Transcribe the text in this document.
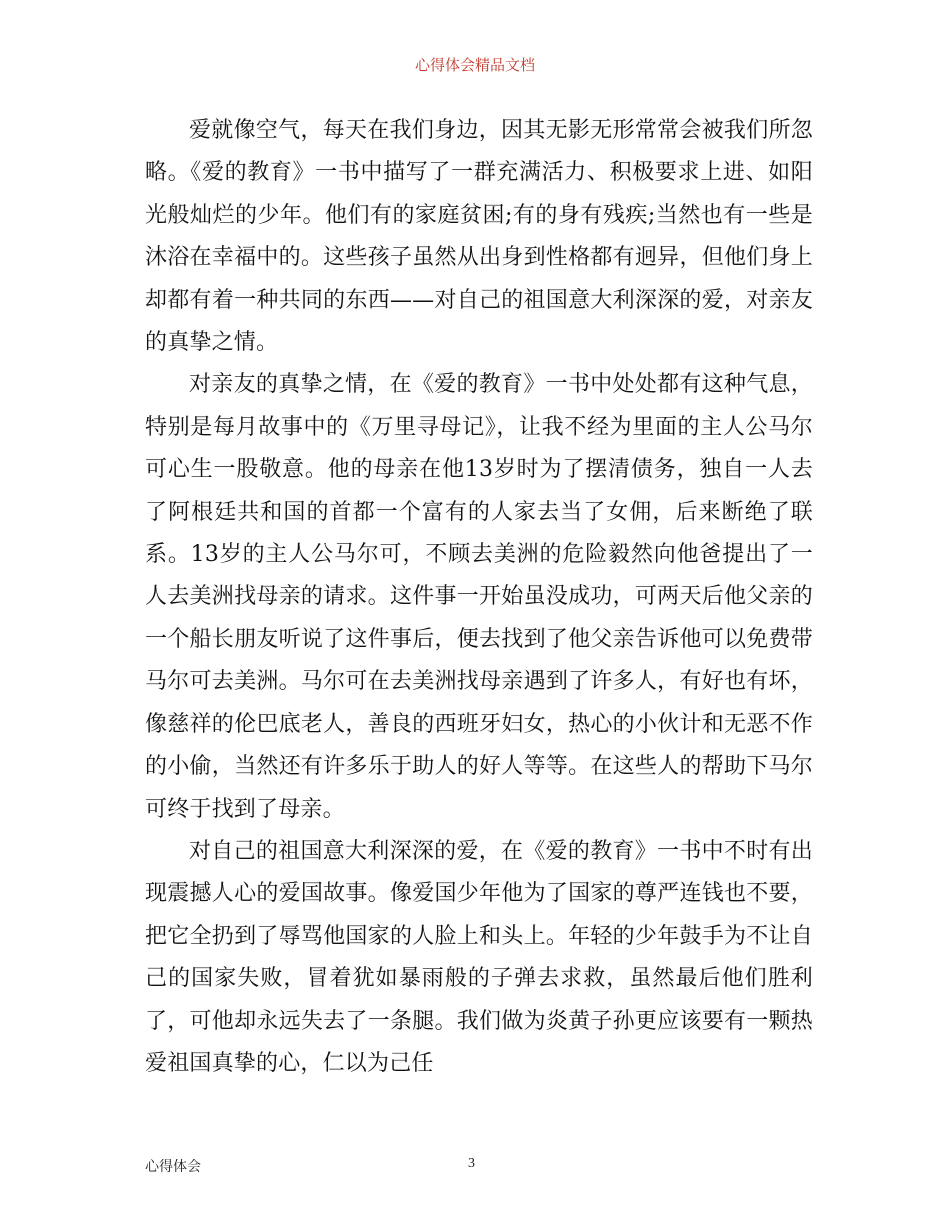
心得体会精品文档

爱就像空气，每天在我们身边，因其无影无形常常会被我们所忽略。《爱的教育》一书中描写了一群充满活力、积极要求上进、如阳光般灿烂的少年。他们有的家庭贫困;有的身有残疾;当然也有一些是沐浴在幸福中的。这些孩子虽然从出身到性格都有迥异，但他们身上却都有着一种共同的东西——对自己的祖国意大利深深的爱，对亲友的真挚之情。

对亲友的真挚之情，在《爱的教育》一书中处处都有这种气息，特别是每月故事中的《万里寻母记》，让我不经为里面的主人公马尔可心生一股敬意。他的母亲在他13岁时为了摆清债务，独自一人去了阿根廷共和国的首都一个富有的人家去当了女佣，后来断绝了联系。13岁的主人公马尔可，不顾去美洲的危险毅然向他爸提出了一人去美洲找母亲的请求。这件事一开始虽没成功，可两天后他父亲的一个船长朋友听说了这件事后，便去找到了他父亲告诉他可以免费带马尔可去美洲。马尔可在去美洲找母亲遇到了许多人，有好也有坏，像慈祥的伦巴底老人，善良的西班牙妇女，热心的小伙计和无恶不作的小偷，当然还有许多乐于助人的好人等等。在这些人的帮助下马尔可终于找到了母亲。

对自己的祖国意大利深深的爱，在《爱的教育》一书中不时有出现震撼人心的爱国故事。像爱国少年他为了国家的尊严连钱也不要，把它全扔到了辱骂他国家的人脸上和头上。年轻的少年鼓手为不让自己的国家失败，冒着犹如暴雨般的子弹去求救，虽然最后他们胜利了，可他却永远失去了一条腿。我们做为炎黄子孙更应该要有一颗热爱祖国真挚的心，仁以为己任

心得体会	3
